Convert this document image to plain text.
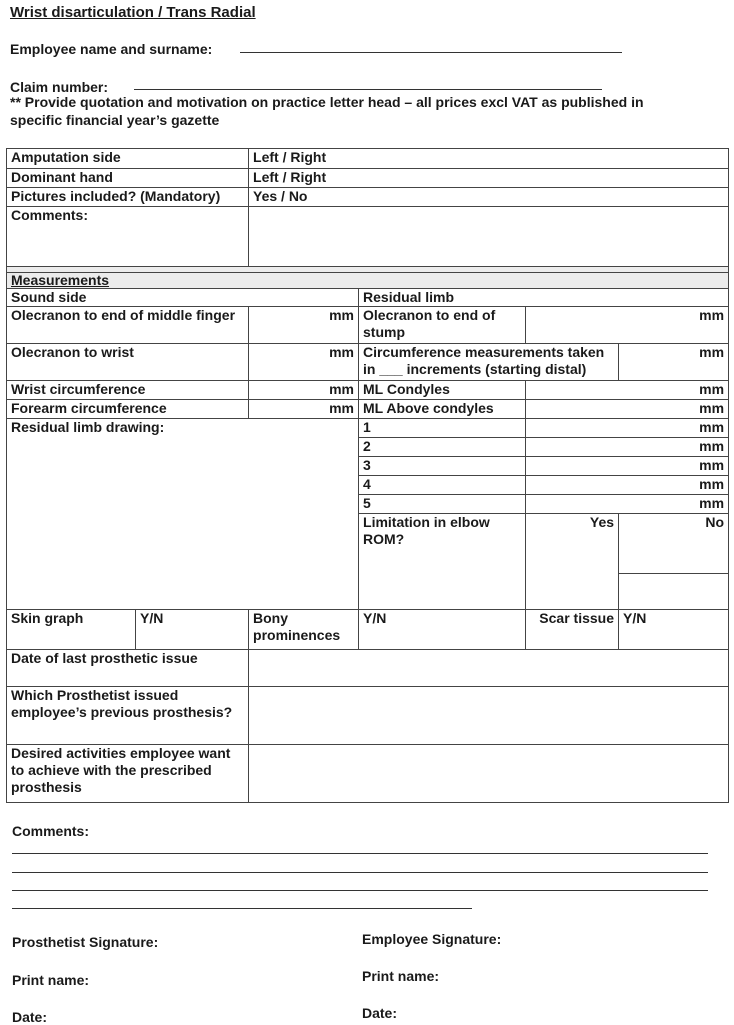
Wrist disarticulation / Trans Radial
Employee name and surname:
Claim number:
** Provide quotation and motivation on practice letter head – all prices excl VAT as published in
specific financial year’s gazette
Amputation side		Left / Right			
Dominant hand		Left / Right			
Pictures included? (Mandatory)		Yes / No			
Comments:					

Measurements					
Sound side			Residual limb		
Olecranon to end of middle finger		mm	Olecranon to end of stump	mm	
Olecranon to wrist		mm	Circumference measurements taken in ___ increments (starting distal)		mm
Wrist circumference		mm	ML Condyles	mm	
Forearm circumference		mm	ML Above condyles	mm	
Residual limb drawing:			1	mm	
			2	mm	
			3	mm	
			4	mm	
			5	mm	
			Limitation in elbow ROM?	Yes	No

Skin graph	Y/N	Bony prominences	Y/N	Scar tissue	Y/N
Date of last prosthetic issue					
Which Prosthetist issued employee’s previous prosthesis?					
Desired activities employee want to achieve with the prescribed prosthesis					
Comments:
Prosthetist Signature:	Employee Signature:
Print name:	Print name:
Date:	Date:
